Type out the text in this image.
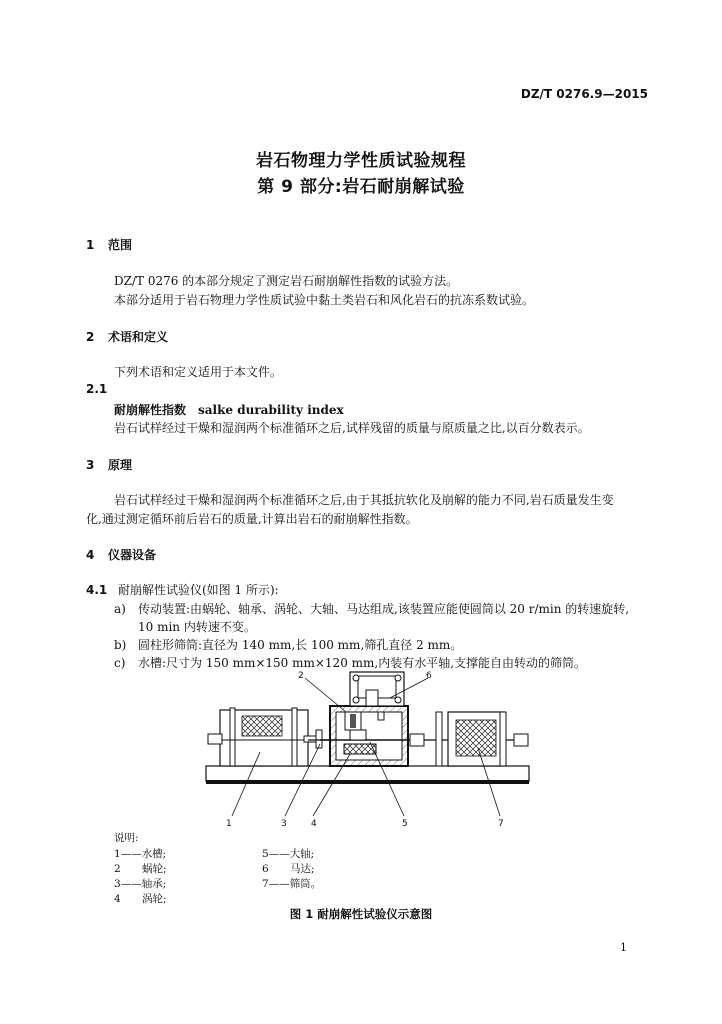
DZ/T 0276.9—2015
岩石物理力学性质试验规程
第 9 部分:岩石耐崩解试验
1 范围
DZ/T 0276 的本部分规定了测定岩石耐崩解性指数的试验方法。
本部分适用于岩石物理力学性质试验中黏土类岩石和风化岩石的抗冻系数试验。
2 术语和定义
下列术语和定义适用于本文件。
2.1
耐崩解性指数 salke durability index
岩石试样经过干燥和湿润两个标准循环之后,试样残留的质量与原质量之比,以百分数表示。
3 原理
岩石试样经过干燥和湿润两个标准循环之后,由于其抵抗软化及崩解的能力不同,岩石质量发生变
化,通过测定循环前后岩石的质量,计算出岩石的耐崩解性指数。
4 仪器设备
4.1 耐崩解性试验仪(如图 1 所示):
a) 传动装置:由蜗轮、轴承、涡轮、大轴、马达组成,该装置应能使圆筒以 20 r/min 的转速旋转,
10 min 内转速不变。
b) 圆柱形筛筒:直径为 140 mm,长 100 mm,筛孔直径 2 mm。
c) 水槽:尺寸为 150 mm×150 mm×120 mm,内装有水平轴,支撑能自由转动的筛筒。
1
2
3	4	5
6
7
说明:
1——水槽;
2 蜗轮;
3——轴承;
4 涡轮;
5——大轴;
6 马达;
7——筛筒。
图 1 耐崩解性试验仪示意图
1
